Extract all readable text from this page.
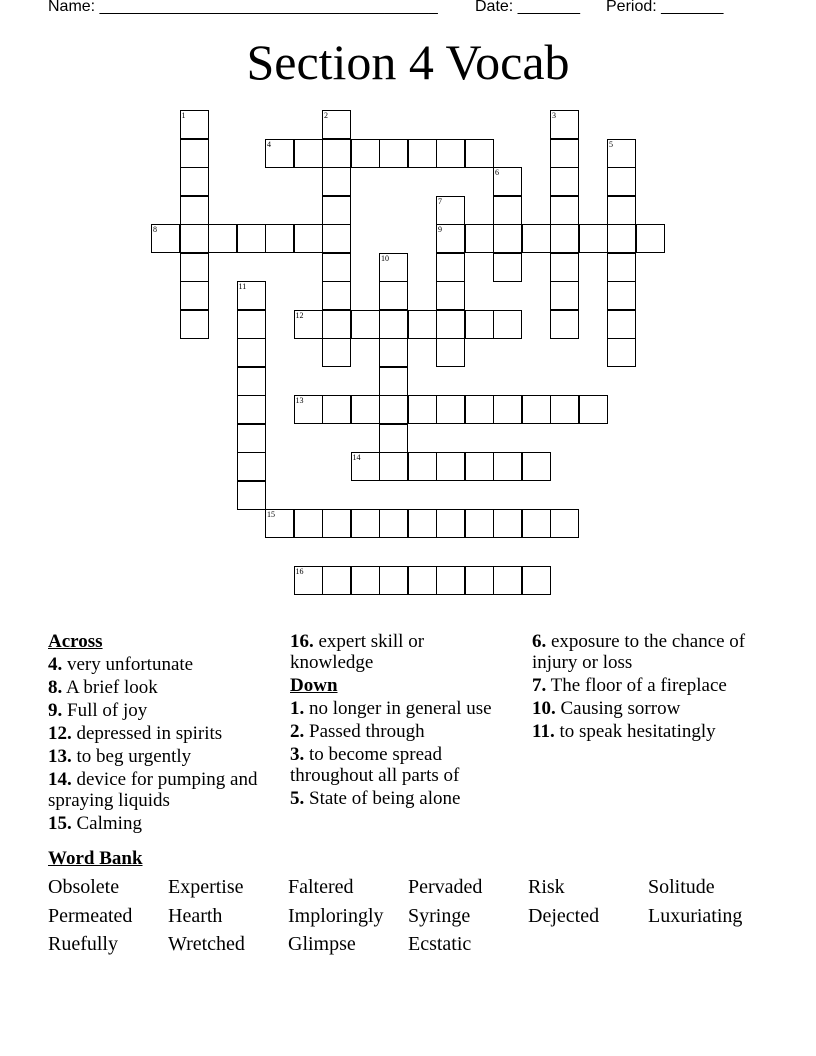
Name: ______________________________________ Date: _______ Period: _______
Section 4 Vocab
1	2	3
4	5
6
7
9
8
10
11
12
13
14
15
16
Across
4. very unfortunate
8. A brief look
9. Full of joy
12. depressed in spirits
13. to beg urgently
14. device for pumping and spraying liquids
15. Calming
16. expert skill or knowledge
Down
1. no longer in general use
2. Passed through
3. to become spread throughout all parts of
5. State of being alone
6. exposure to the chance of injury or loss
7. The floor of a fireplace
10. Causing sorrow
11. to speak hesitatingly
Word Bank
Obsolete Expertise Faltered	Pervaded Risk	Solitude
Permeated Hearth	Imploringly Syringe	Dejected Luxuriating
Ruefully	Wretched Glimpse	Ecstatic
